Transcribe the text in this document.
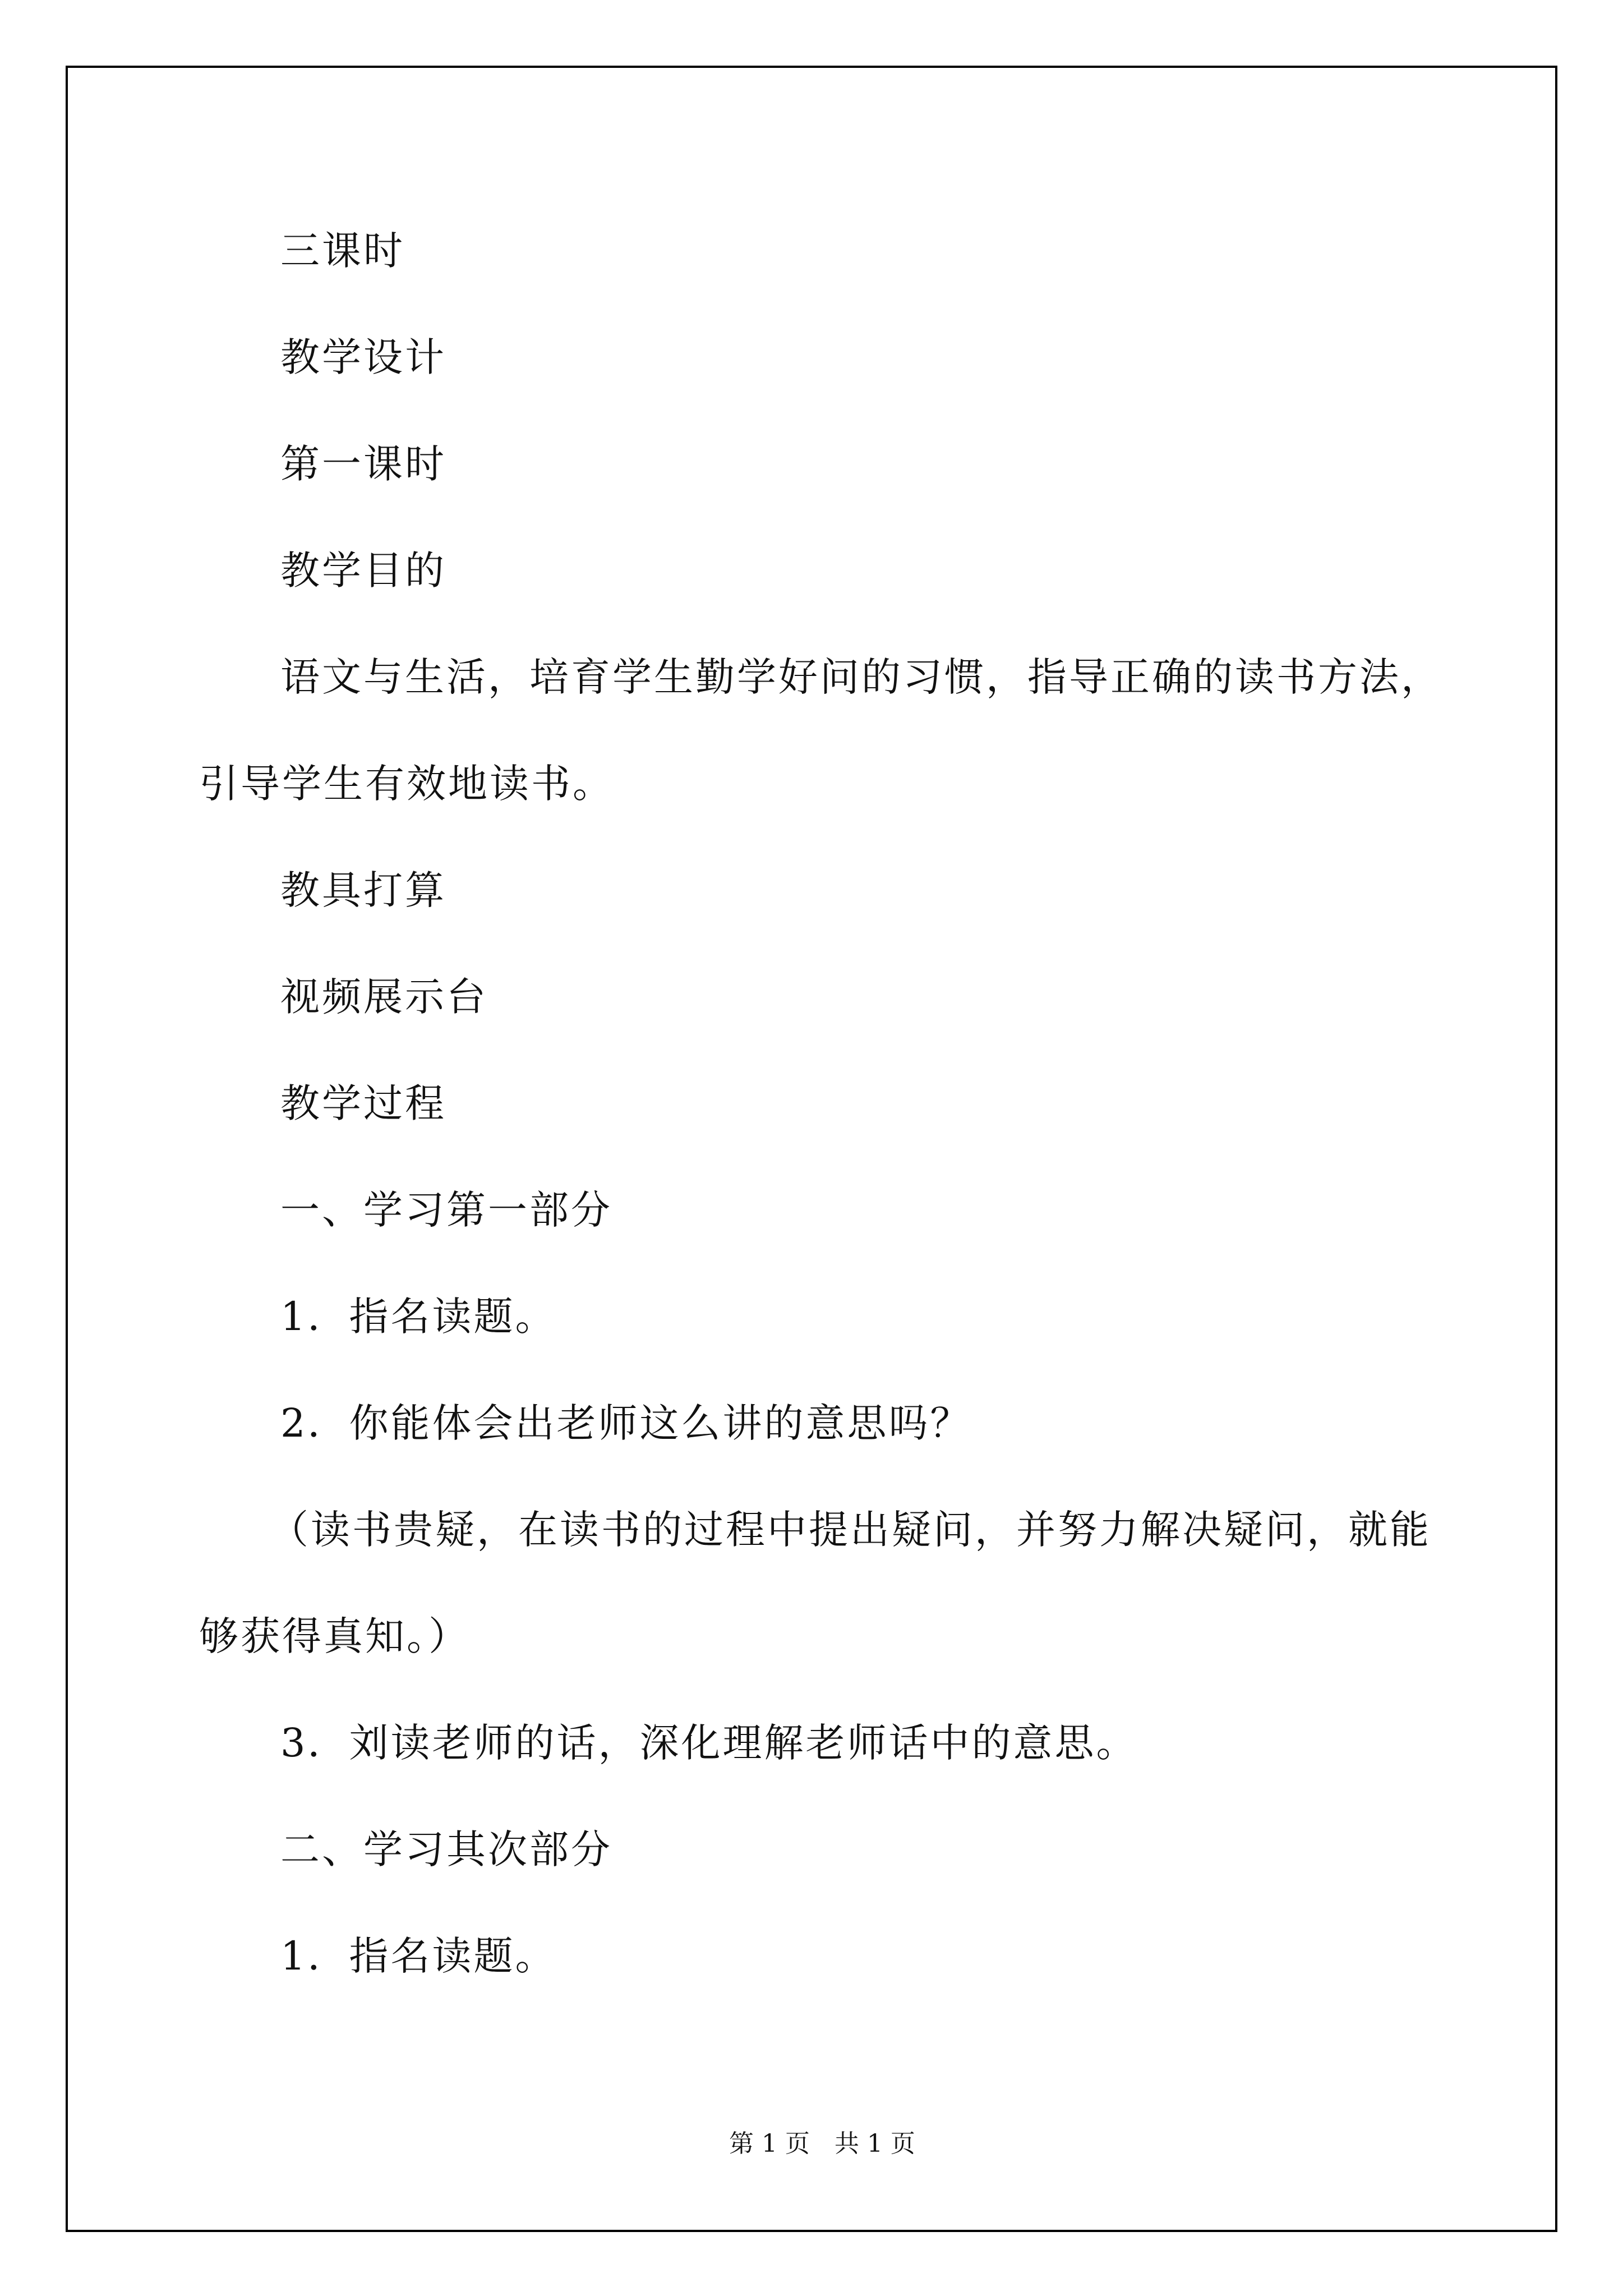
三课时
教学设计
第一课时
教学目的
语文与生活，培育学生勤学好问的习惯，指导正确的读书方法，
引导学生有效地读书。
教具打算
视频展示台
教学过程
一、学习第一部分
1．指名读题。
2．你能体会出老师这么讲的意思吗？
（读书贵疑，在读书的过程中提出疑问，并努力解决疑问，就能
够获得真知。）
3．刘读老师的话，深化理解老师话中的意思。
二、学习其次部分
1．指名读题。
第 1 页　共 1 页
